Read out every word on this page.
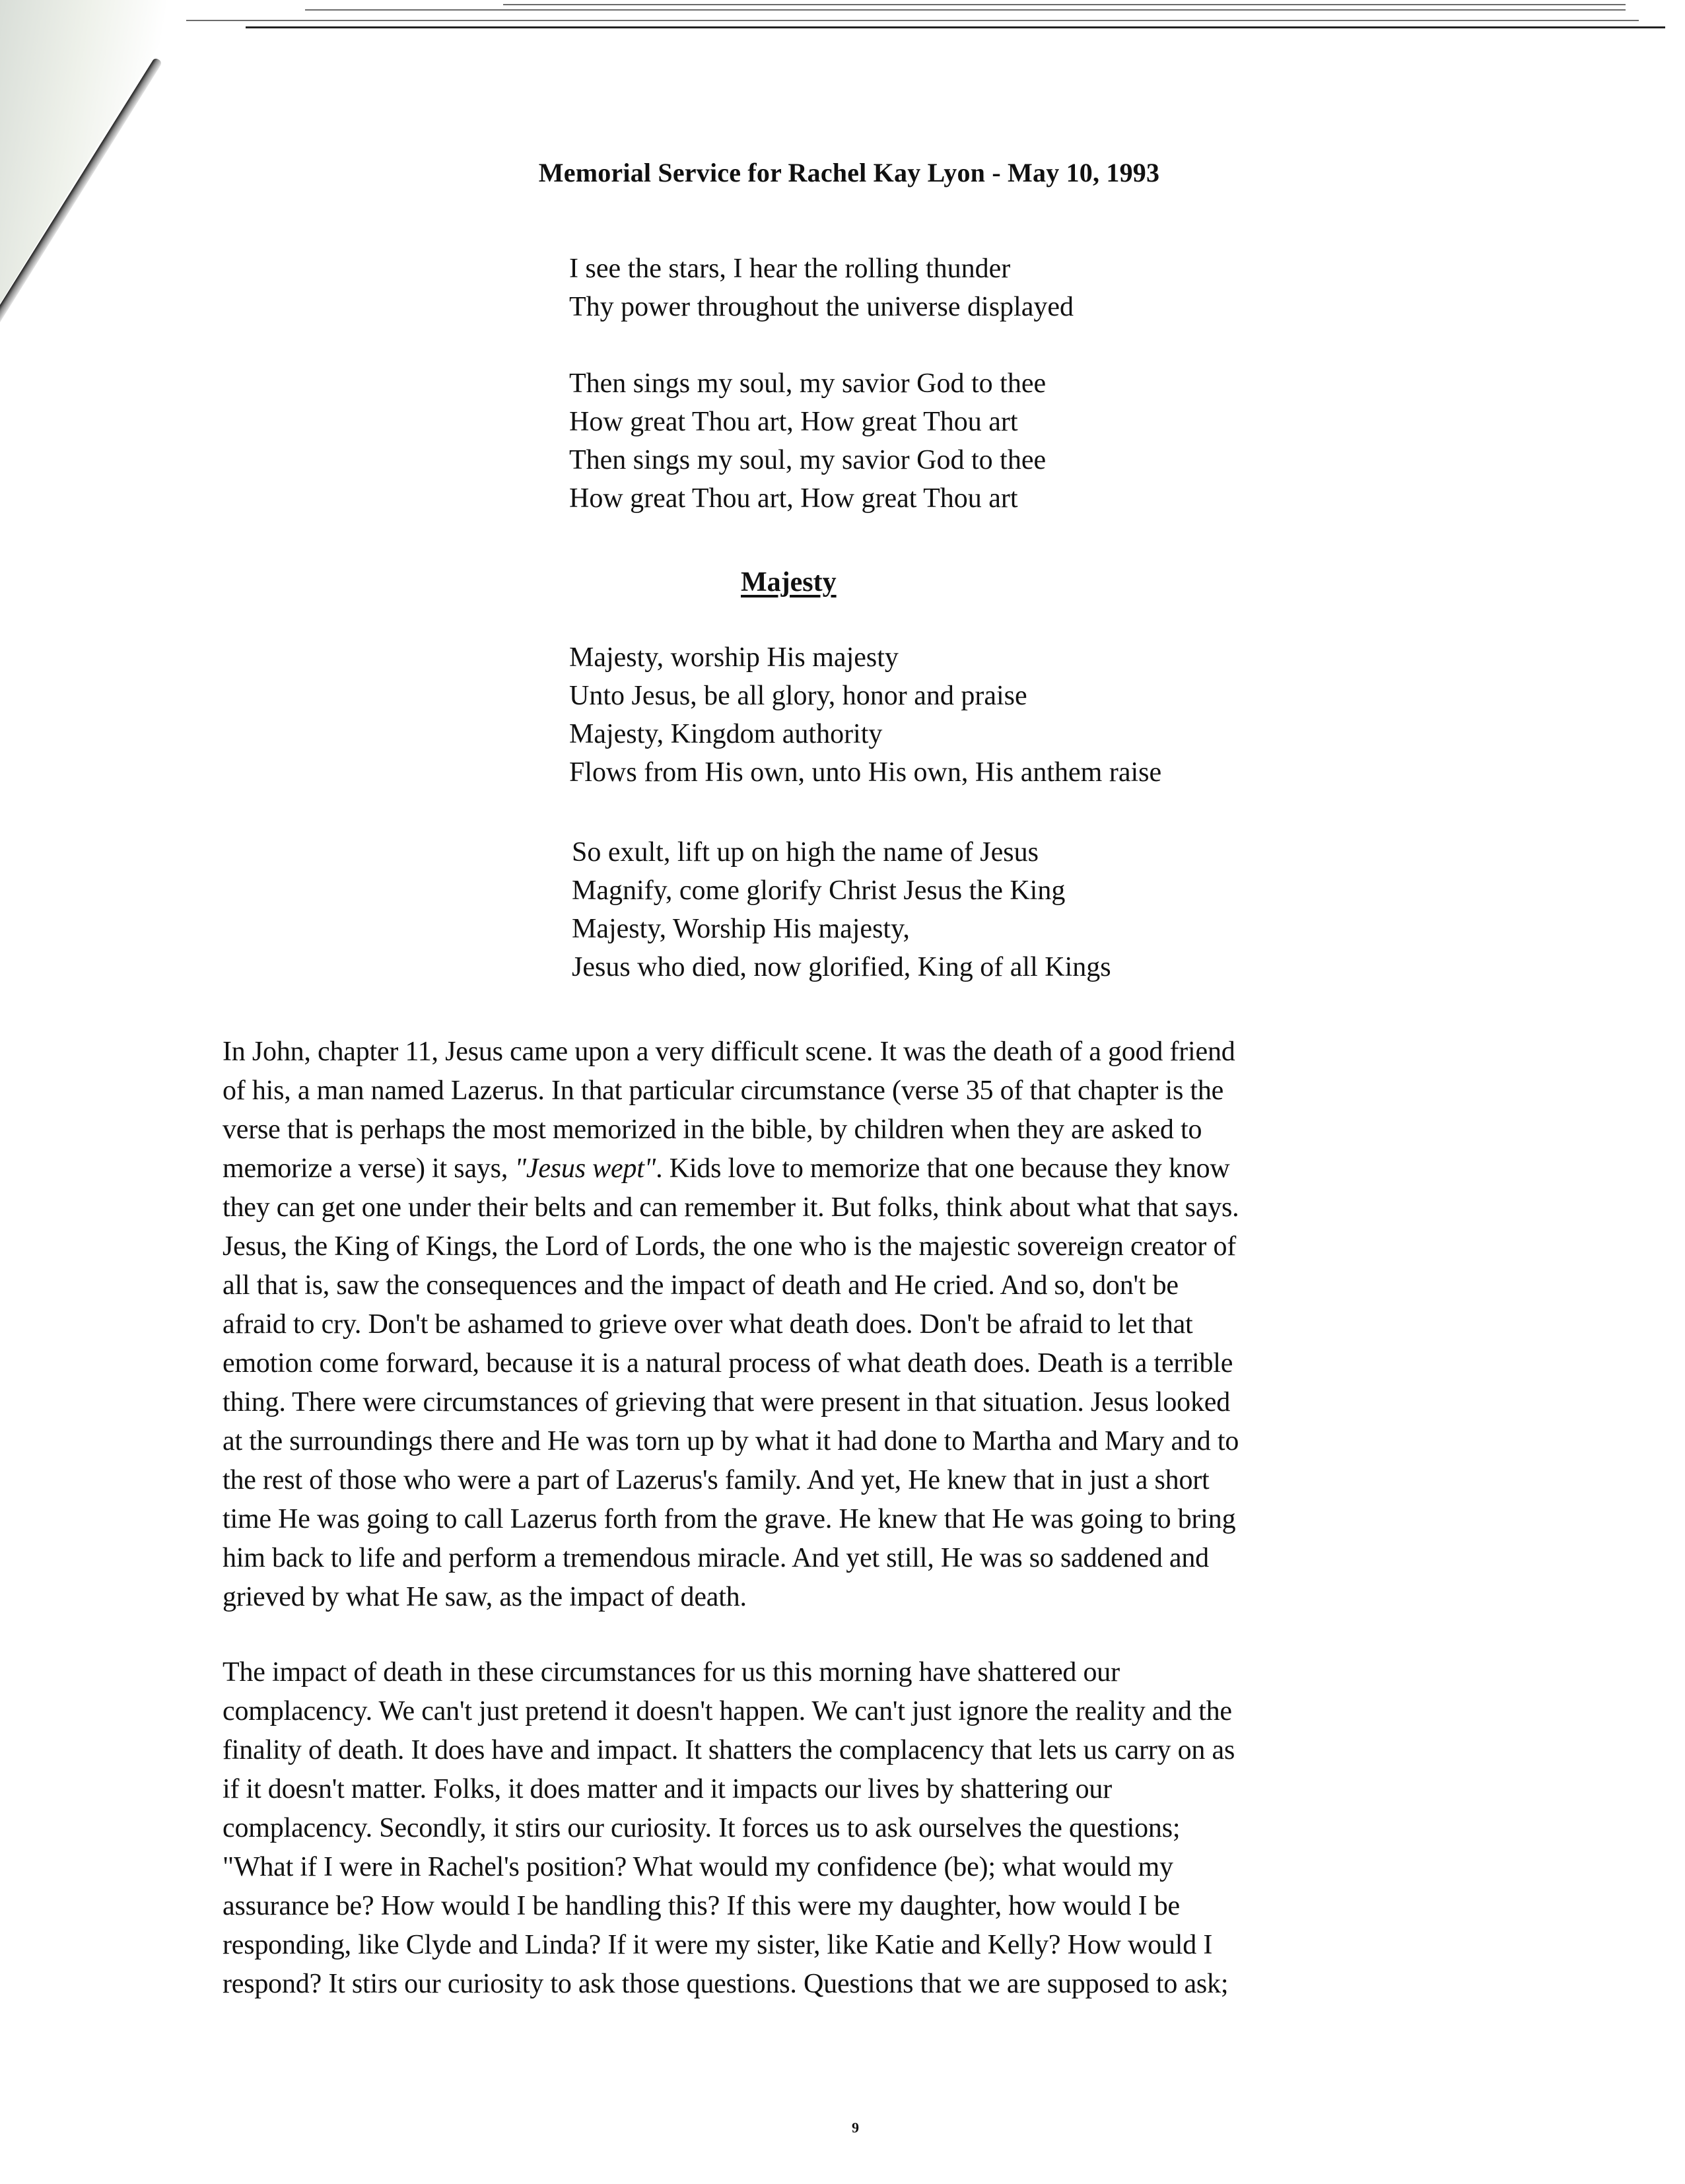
Memorial Service for Rachel Kay Lyon - May 10, 1993
I see the stars, I hear the rolling thunder
Thy power throughout the universe displayed
Then sings my soul, my savior God to thee
How great Thou art, How great Thou art
Then sings my soul, my savior God to thee
How great Thou art, How great Thou art
Majesty
Majesty, worship His majesty
Unto Jesus, be all glory, honor and praise
Majesty, Kingdom authority
Flows from His own, unto His own, His anthem raise
So exult, lift up on high the name of Jesus
Magnify, come glorify Christ Jesus the King
Majesty, Worship His majesty,
Jesus who died, now glorified, King of all Kings
In John, chapter 11, Jesus came upon a very difficult scene. It was the death of a good friend
of his, a man named Lazerus. In that particular circumstance (verse 35 of that chapter is the
verse that is perhaps the most memorized in the bible, by children when they are asked to
memorize a verse) it says, "Jesus wept". Kids love to memorize that one because they know
they can get one under their belts and can remember it. But folks, think about what that says.
Jesus, the King of Kings, the Lord of Lords, the one who is the majestic sovereign creator of
all that is, saw the consequences and the impact of death and He cried. And so, don't be
afraid to cry. Don't be ashamed to grieve over what death does. Don't be afraid to let that
emotion come forward, because it is a natural process of what death does. Death is a terrible
thing. There were circumstances of grieving that were present in that situation. Jesus looked
at the surroundings there and He was torn up by what it had done to Martha and Mary and to
the rest of those who were a part of Lazerus's family. And yet, He knew that in just a short
time He was going to call Lazerus forth from the grave. He knew that He was going to bring
him back to life and perform a tremendous miracle. And yet still, He was so saddened and
grieved by what He saw, as the impact of death.
The impact of death in these circumstances for us this morning have shattered our
complacency. We can't just pretend it doesn't happen. We can't just ignore the reality and the
finality of death. It does have and impact. It shatters the complacency that lets us carry on as
if it doesn't matter. Folks, it does matter and it impacts our lives by shattering our
complacency. Secondly, it stirs our curiosity. It forces us to ask ourselves the questions;
"What if I were in Rachel's position? What would my confidence (be); what would my
assurance be? How would I be handling this? If this were my daughter, how would I be
responding, like Clyde and Linda? If it were my sister, like Katie and Kelly? How would I
respond? It stirs our curiosity to ask those questions. Questions that we are supposed to ask;
9
